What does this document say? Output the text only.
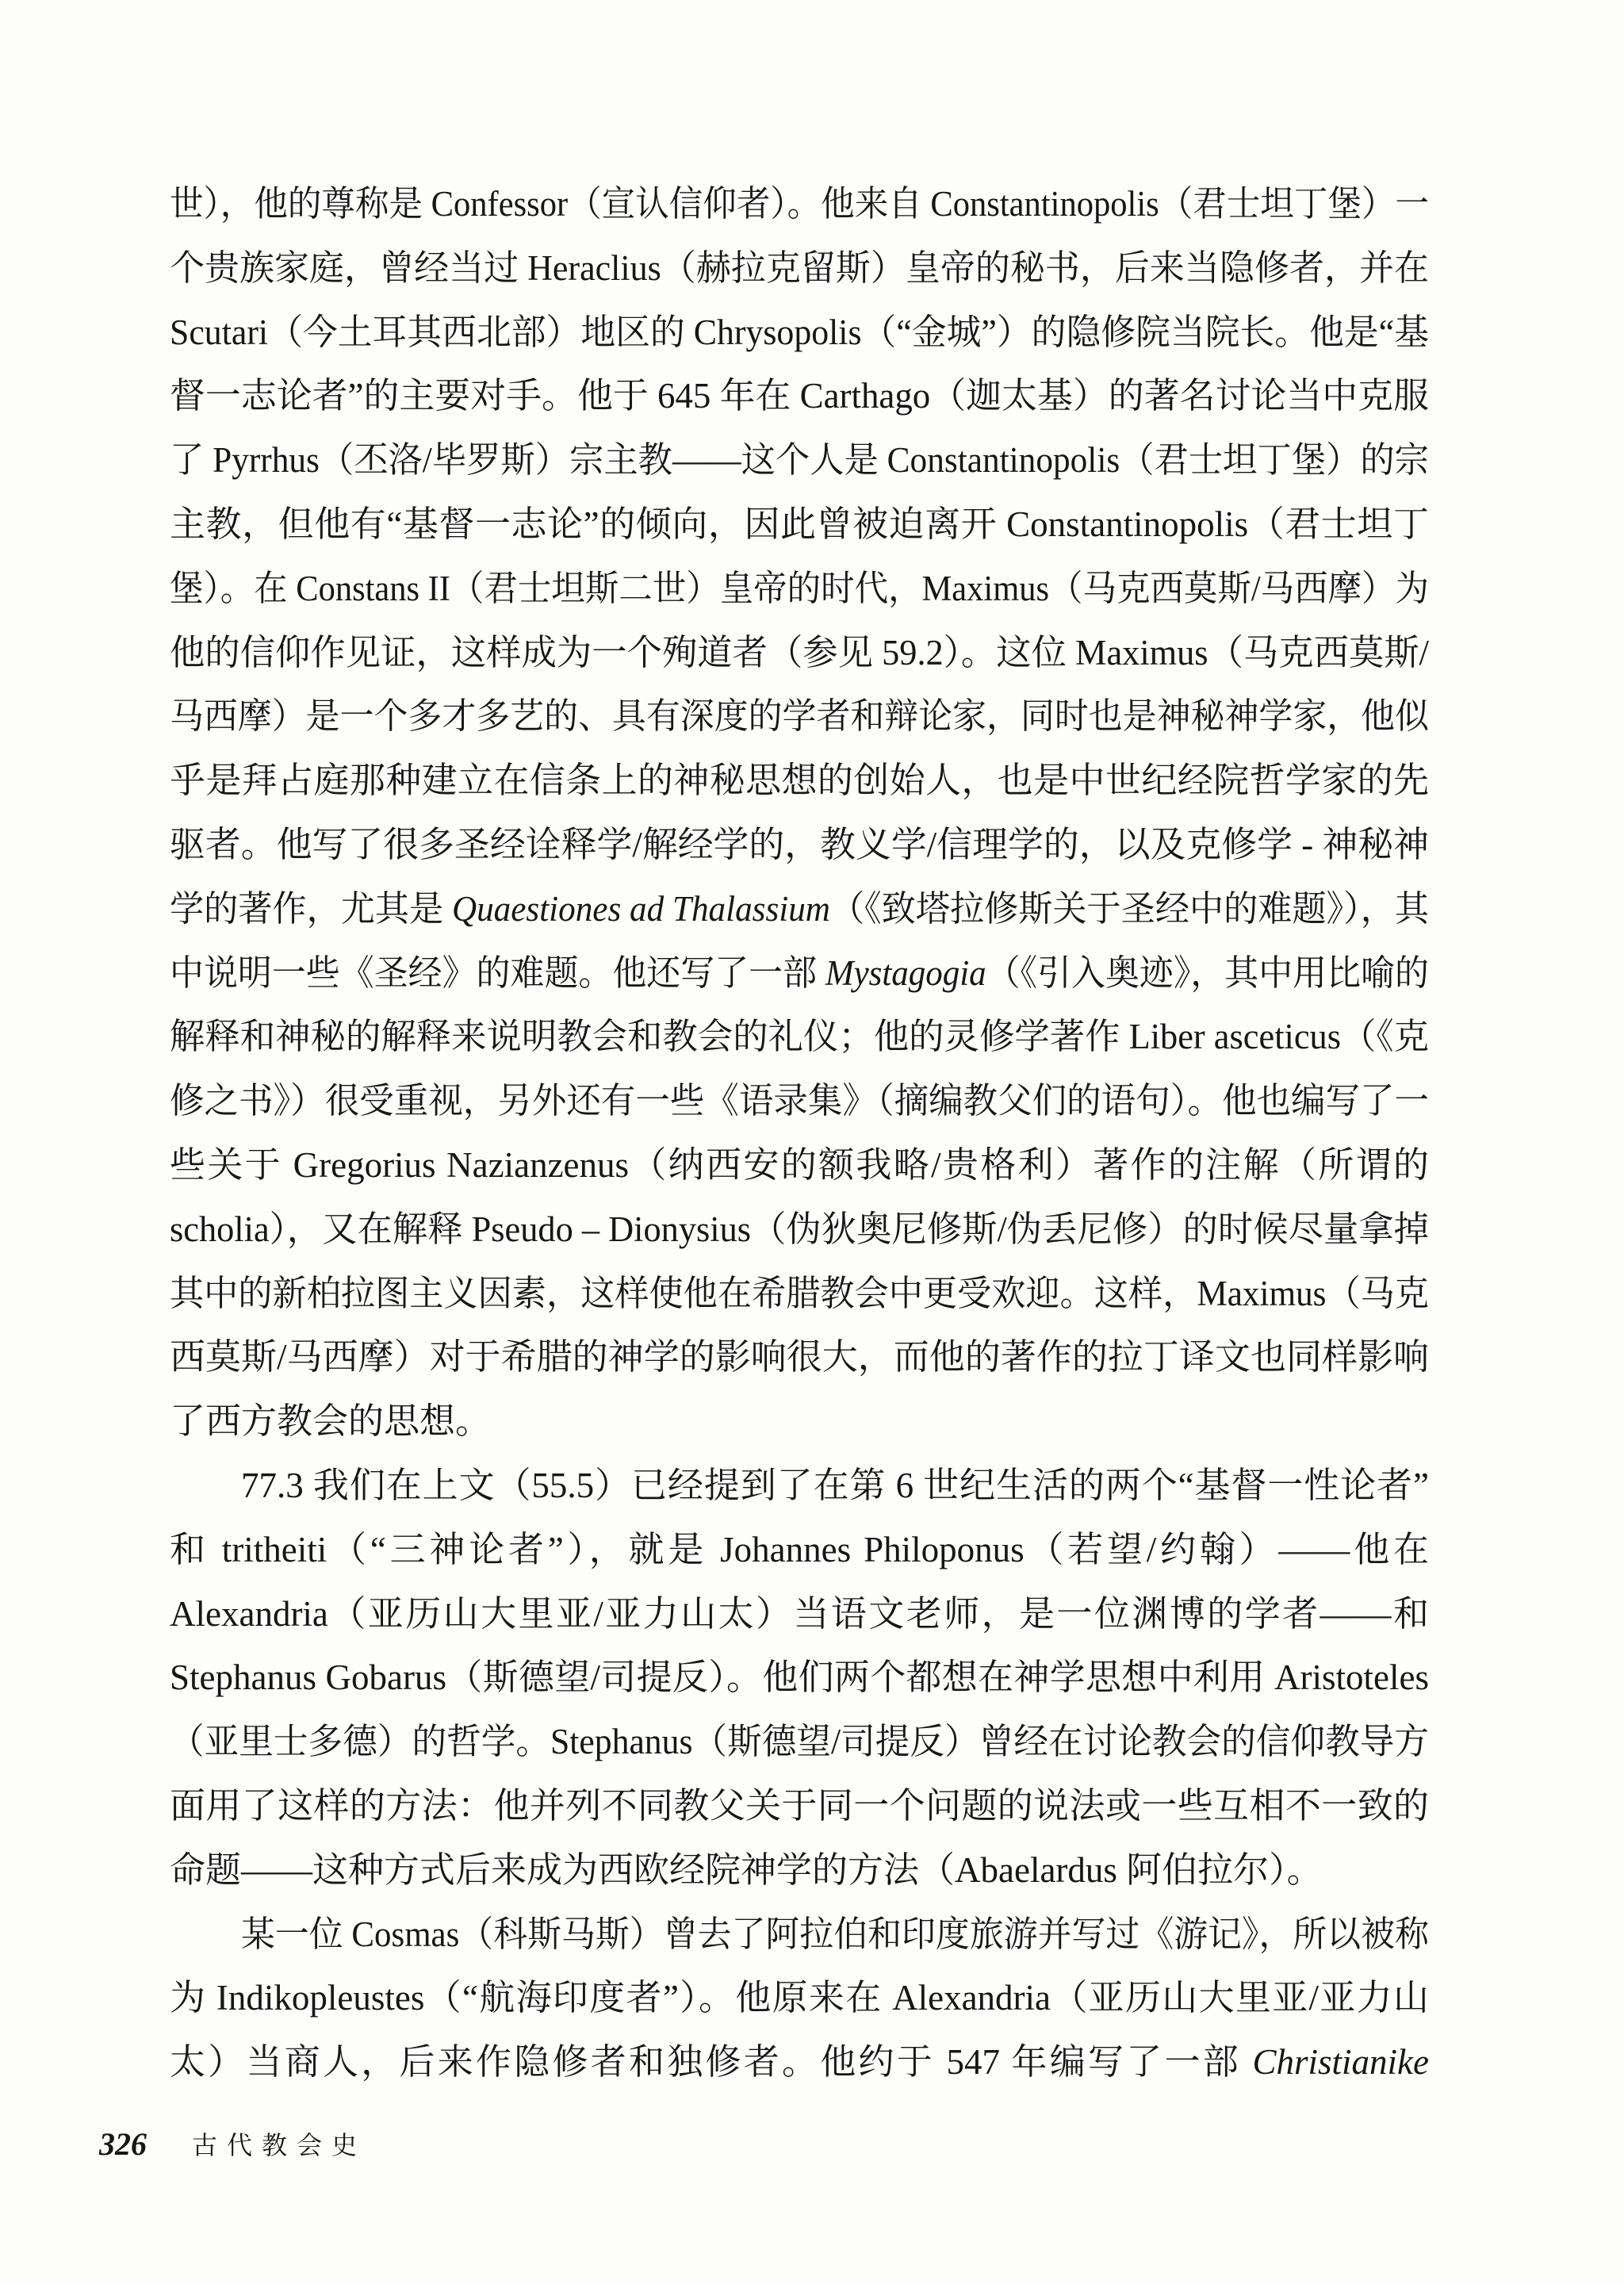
世），他的尊称是 Confessor（宣认信仰者）。他来自 Constantinopolis（君士坦丁堡）一
个贵族家庭，曾经当过 Heraclius（赫拉克留斯）皇帝的秘书，后来当隐修者，并在
Scutari（今土耳其西北部）地区的 Chrysopolis（“金城”）的隐修院当院长。他是“基
督一志论者”的主要对手。他于 645 年在 Carthago（迦太基）的著名讨论当中克服
了 Pyrrhus（丕洛/毕罗斯）宗主教——这个人是 Constantinopolis（君士坦丁堡）的宗
主教，但他有“基督一志论”的倾向，因此曾被迫离开 Constantinopolis（君士坦丁
堡）。在 Constans II（君士坦斯二世）皇帝的时代，Maximus（马克西莫斯/马西摩）为
他的信仰作见证，这样成为一个殉道者（参见 59.2）。这位 Maximus（马克西莫斯/
马西摩）是一个多才多艺的、具有深度的学者和辩论家，同时也是神秘神学家，他似
乎是拜占庭那种建立在信条上的神秘思想的创始人，也是中世纪经院哲学家的先
驱者。他写了很多圣经诠释学/解经学的，教义学/信理学的，以及克修学 - 神秘神
学的著作，尤其是 Quaestiones ad Thalassium（《致塔拉修斯关于圣经中的难题》），其
中说明一些《圣经》的难题。他还写了一部 Mystagogia（《引入奥迹》，其中用比喻的
解释和神秘的解释来说明教会和教会的礼仪；他的灵修学著作 Liber asceticus（《克
修之书》）很受重视，另外还有一些《语录集》（摘编教父们的语句）。他也编写了一
些关于 Gregorius Nazianzenus（纳西安的额我略/贵格利）著作的注解（所谓的
scholia），又在解释 Pseudo – Dionysius（伪狄奥尼修斯/伪丢尼修）的时候尽量拿掉
其中的新柏拉图主义因素，这样使他在希腊教会中更受欢迎。这样，Maximus（马克
西莫斯/马西摩）对于希腊的神学的影响很大，而他的著作的拉丁译文也同样影响
了西方教会的思想。
77.3 我们在上文（55.5）已经提到了在第 6 世纪生活的两个“基督一性论者”
和 tritheiti（“三神论者”），就是 Johannes Philoponus（若望/约翰）——他在
Alexandria（亚历山大里亚/亚力山太）当语文老师，是一位渊博的学者——和
Stephanus Gobarus（斯德望/司提反）。他们两个都想在神学思想中利用 Aristoteles
（亚里士多德）的哲学。Stephanus（斯德望/司提反）曾经在讨论教会的信仰教导方
面用了这样的方法：他并列不同教父关于同一个问题的说法或一些互相不一致的
命题——这种方式后来成为西欧经院神学的方法（Abaelardus 阿伯拉尔）。
某一位 Cosmas（科斯马斯）曾去了阿拉伯和印度旅游并写过《游记》，所以被称
为 Indikopleustes（“航海印度者”）。他原来在 Alexandria（亚历山大里亚/亚力山
太）当商人，后来作隐修者和独修者。他约于 547 年编写了一部 Christianike
326 古代教会史
